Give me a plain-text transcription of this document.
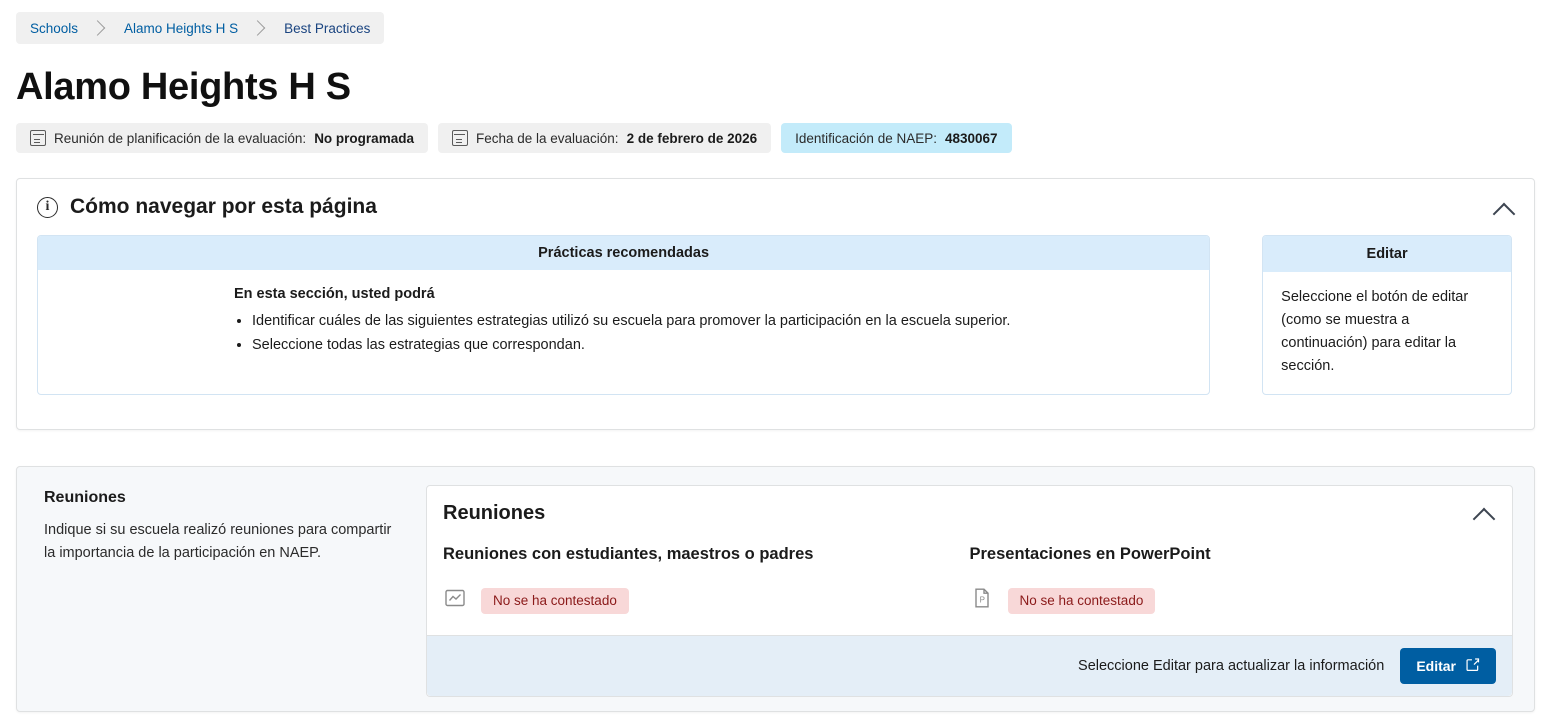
Schools	Alamo Heights H S	Best Practices
Alamo Heights H S
Reunión de planificación de la evaluación: No programada	Fecha de la evaluación: 2 de febrero de 2026	Identificación de NAEP: 4830067
i Cómo navegar por esta página
Prácticas recomendadas

En esta sección, usted podrá

• Identificar cuáles de las siguientes estrategias utilizó su escuela para promover la participación en la escuela superior.
• Seleccione todas las estrategias que correspondan.
Editar

Seleccione el botón de editar (como se muestra a continuación) para editar la sección.

Reuniones

Indique si su escuela realizó reuniones para compartir la importancia de la participación en NAEP.

Reuniones
Reuniones con estudiantes, maestros o padres
No se ha contestado
Presentaciones en PowerPoint
P	No se ha contestado
Seleccione Editar para actualizar la información Editar
